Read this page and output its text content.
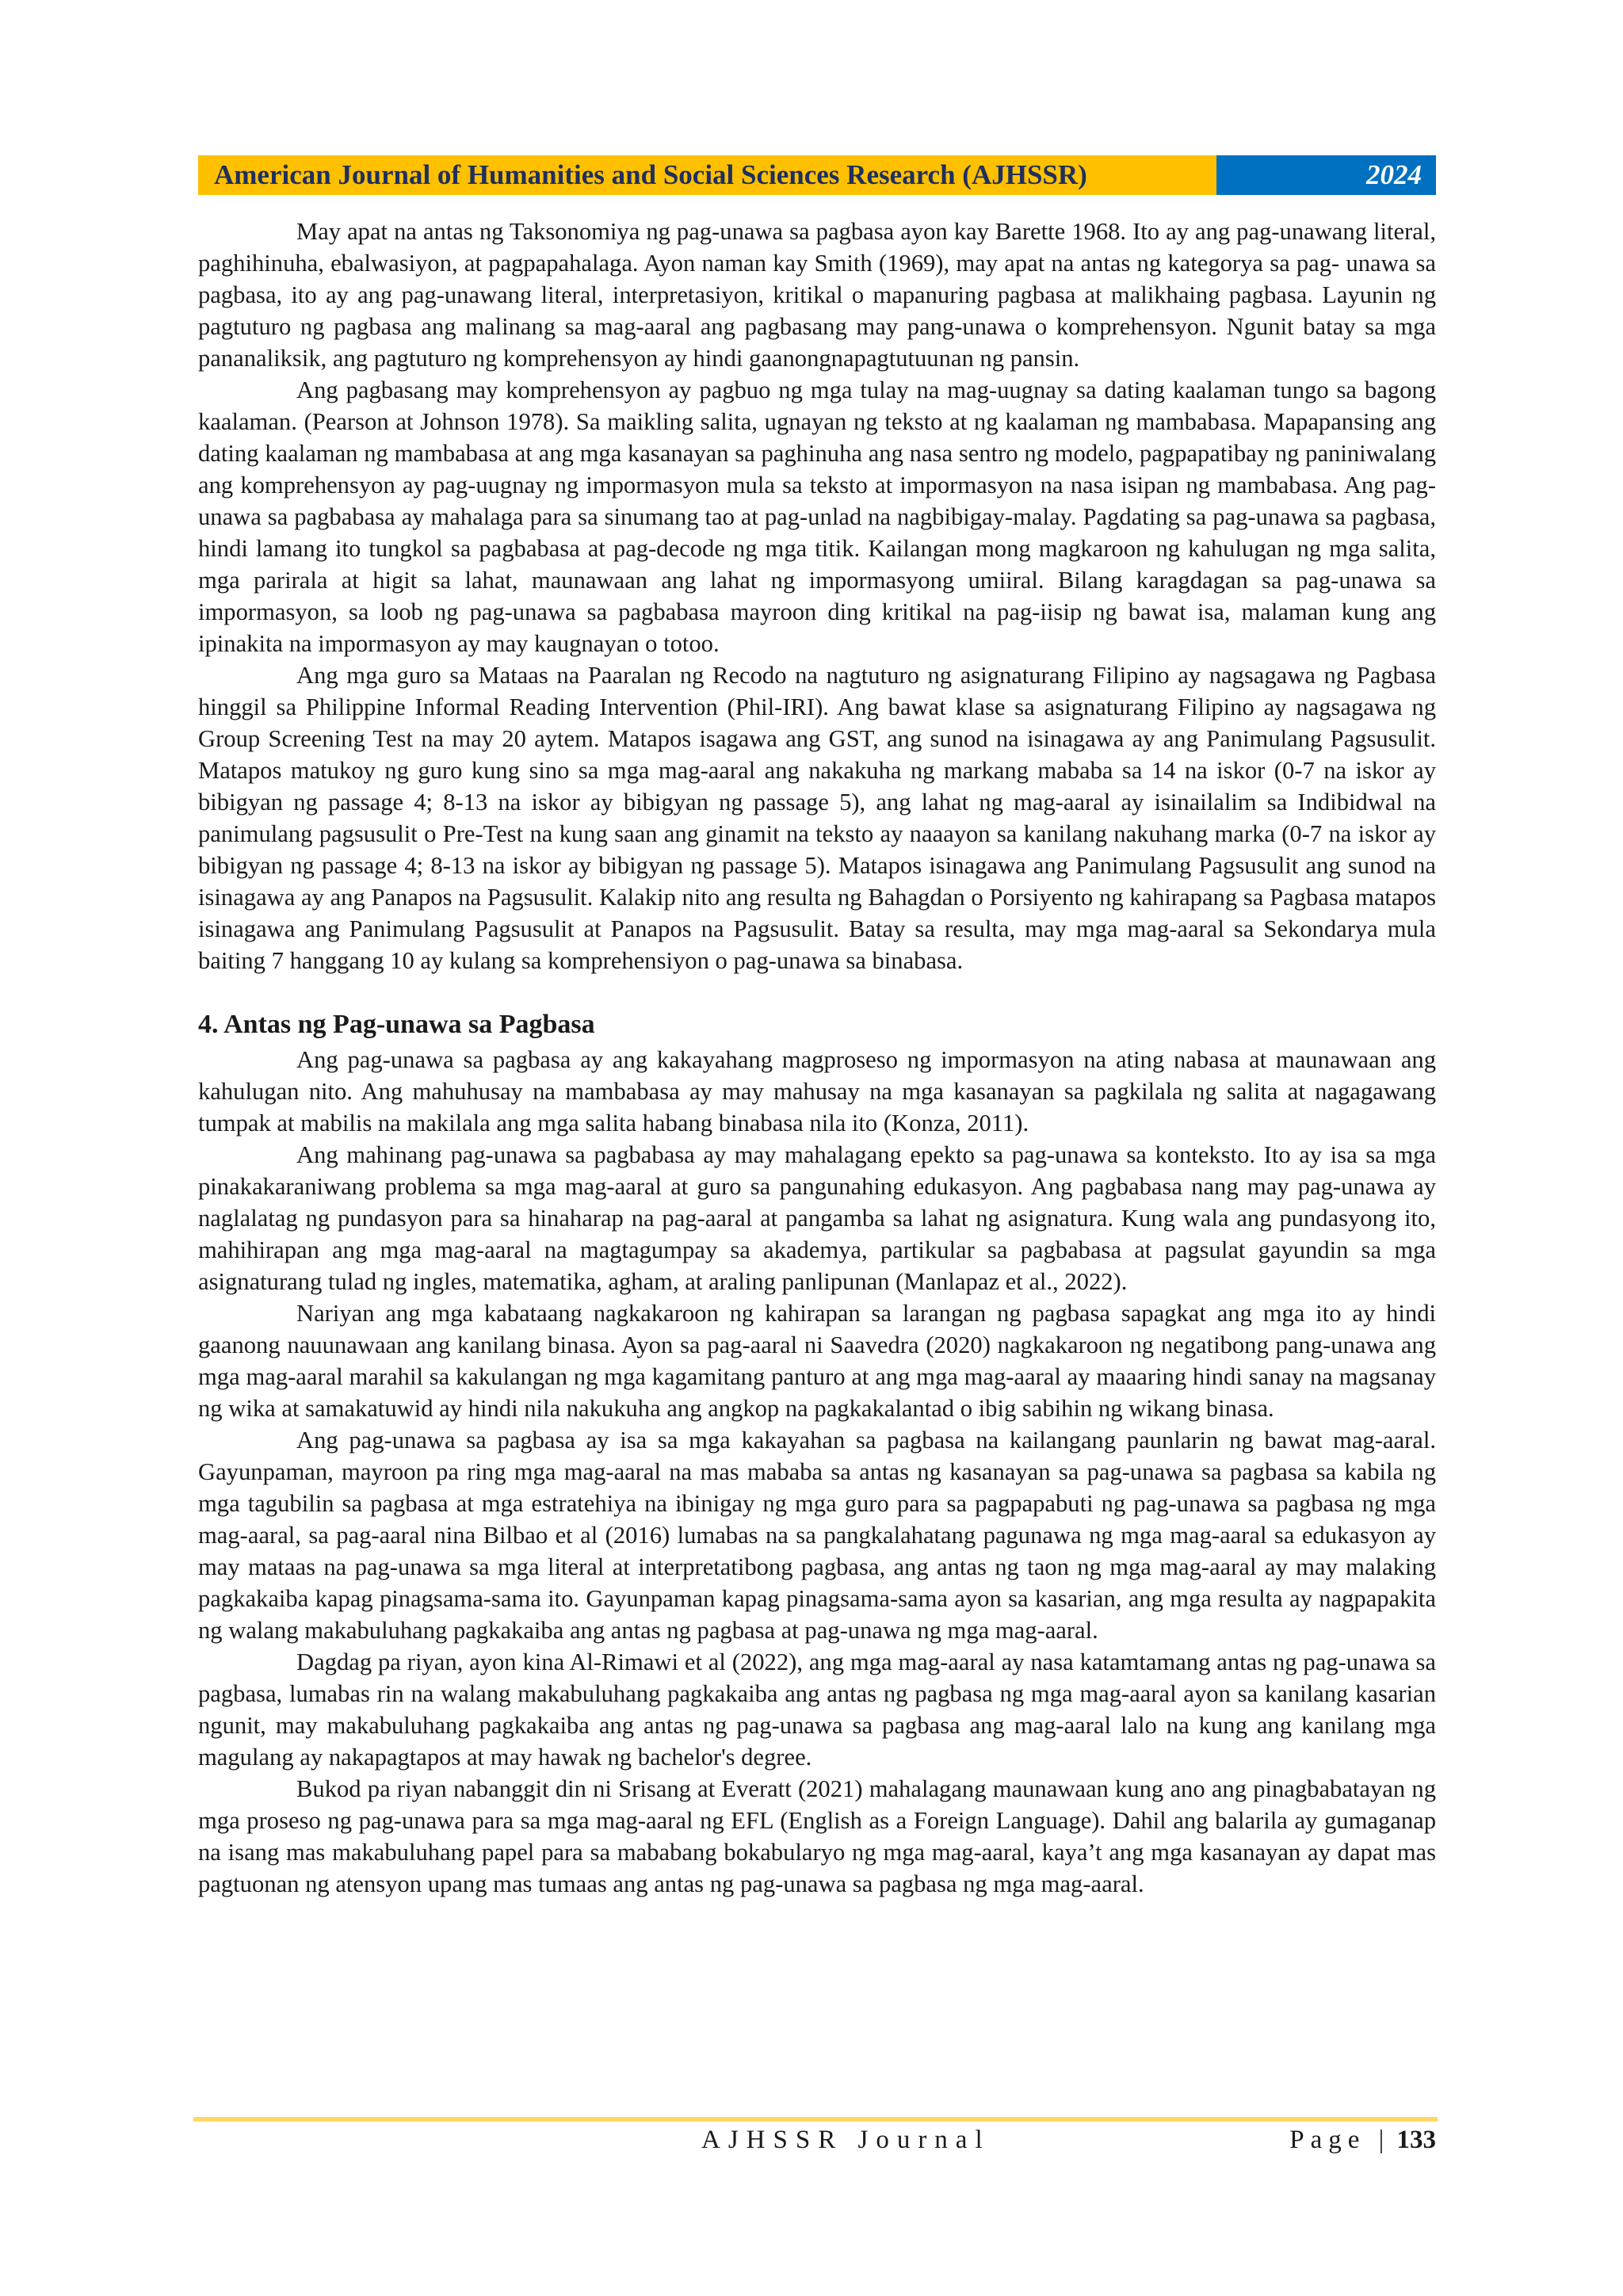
American Journal of Humanities and Social Sciences Research (AJHSSR)	2024

May apat na antas ng Taksonomiya ng pag-unawa sa pagbasa ayon kay Barette 1968. Ito ay ang pag-unawang literal, paghihinuha, ebalwasiyon, at pagpapahalaga. Ayon naman kay Smith (1969), may apat na antas ng kategorya sa pag- unawa sa pagbasa, ito ay ang pag-unawang literal, interpretasiyon, kritikal o mapanuring pagbasa at malikhaing pagbasa. Layunin ng pagtuturo ng pagbasa ang malinang sa mag-aaral ang pagbasang may pang-unawa o komprehensyon. Ngunit batay sa mga pananaliksik, ang pagtuturo ng komprehensyon ay hindi gaanongnapagtutuunan ng pansin.

Ang pagbasang may komprehensyon ay pagbuo ng mga tulay na mag-uugnay sa dating kaalaman tungo sa bagong kaalaman. (Pearson at Johnson 1978). Sa maikling salita, ugnayan ng teksto at ng kaalaman ng mambabasa. Mapapansing ang dating kaalaman ng mambabasa at ang mga kasanayan sa paghinuha ang nasa sentro ng modelo, pagpapatibay ng paniniwalang ang komprehensyon ay pag-uugnay ng impormasyon mula sa teksto at impormasyon na nasa isipan ng mambabasa. Ang pag-unawa sa pagbabasa ay mahalaga para sa sinumang tao at pag-unlad na nagbibigay-malay. Pagdating sa pag-unawa sa pagbasa, hindi lamang ito tungkol sa pagbabasa at pag-decode ng mga titik. Kailangan mong magkaroon ng kahulugan ng mga salita, mga parirala at higit sa lahat, maunawaan ang lahat ng impormasyong umiiral. Bilang karagdagan sa pag-unawa sa impormasyon, sa loob ng pag-unawa sa pagbabasa mayroon ding kritikal na pag-iisip ng bawat isa, malaman kung ang ipinakita na impormasyon ay may kaugnayan o totoo.

Ang mga guro sa Mataas na Paaralan ng Recodo na nagtuturo ng asignaturang Filipino ay nagsagawa ng Pagbasa hinggil sa Philippine Informal Reading Intervention (Phil-IRI). Ang bawat klase sa asignaturang Filipino ay nagsagawa ng Group Screening Test na may 20 aytem. Matapos isagawa ang GST, ang sunod na isinagawa ay ang Panimulang Pagsusulit. Matapos matukoy ng guro kung sino sa mga mag-aaral ang nakakuha ng markang mababa sa 14 na iskor (0-7 na iskor ay bibigyan ng passage 4; 8-13 na iskor ay bibigyan ng passage 5), ang lahat ng mag-aaral ay isinailalim sa Indibidwal na panimulang pagsusulit o Pre-Test na kung saan ang ginamit na teksto ay naaayon sa kanilang nakuhang marka (0-7 na iskor ay bibigyan ng passage 4; 8-13 na iskor ay bibigyan ng passage 5). Matapos isinagawa ang Panimulang Pagsusulit ang sunod na isinagawa ay ang Panapos na Pagsusulit. Kalakip nito ang resulta ng Bahagdan o Porsiyento ng kahirapang sa Pagbasa matapos isinagawa ang Panimulang Pagsusulit at Panapos na Pagsusulit. Batay sa resulta, may mga mag-aaral sa Sekondarya mula baiting 7 hanggang 10 ay kulang sa komprehensiyon o pag-unawa sa binabasa.

4. Antas ng Pag-unawa sa Pagbasa

Ang pag-unawa sa pagbasa ay ang kakayahang magproseso ng impormasyon na ating nabasa at maunawaan ang kahulugan nito. Ang mahuhusay na mambabasa ay may mahusay na mga kasanayan sa pagkilala ng salita at nagagawang tumpak at mabilis na makilala ang mga salita habang binabasa nila ito (Konza, 2011).

Ang mahinang pag-unawa sa pagbabasa ay may mahalagang epekto sa pag-unawa sa konteksto. Ito ay isa sa mga pinakakaraniwang problema sa mga mag-aaral at guro sa pangunahing edukasyon. Ang pagbabasa nang may pag-unawa ay naglalatag ng pundasyon para sa hinaharap na pag-aaral at pangamba sa lahat ng asignatura. Kung wala ang pundasyong ito, mahihirapan ang mga mag-aaral na magtagumpay sa akademya, partikular sa pagbabasa at pagsulat gayundin sa mga asignaturang tulad ng ingles, matematika, agham, at araling panlipunan (Manlapaz et al., 2022).

Nariyan ang mga kabataang nagkakaroon ng kahirapan sa larangan ng pagbasa sapagkat ang mga ito ay hindi gaanong nauunawaan ang kanilang binasa. Ayon sa pag-aaral ni Saavedra (2020) nagkakaroon ng negatibong pang-unawa ang mga mag-aaral marahil sa kakulangan ng mga kagamitang panturo at ang mga mag-aaral ay maaaring hindi sanay na magsanay ng wika at samakatuwid ay hindi nila nakukuha ang angkop na pagkakalantad o ibig sabihin ng wikang binasa.

Ang pag-unawa sa pagbasa ay isa sa mga kakayahan sa pagbasa na kailangang paunlarin ng bawat mag-aaral. Gayunpaman, mayroon pa ring mga mag-aaral na mas mababa sa antas ng kasanayan sa pag-unawa sa pagbasa sa kabila ng mga tagubilin sa pagbasa at mga estratehiya na ibinigay ng mga guro para sa pagpapabuti ng pag-unawa sa pagbasa ng mga mag-aaral, sa pag-aaral nina Bilbao et al (2016) lumabas na sa pangkalahatang pagunawa ng mga mag-aaral sa edukasyon ay may mataas na pag-unawa sa mga literal at interpretatibong pagbasa, ang antas ng taon ng mga mag-aaral ay may malaking pagkakaiba kapag pinagsama-sama ito. Gayunpaman kapag pinagsama-sama ayon sa kasarian, ang mga resulta ay nagpapakita ng walang makabuluhang pagkakaiba ang antas ng pagbasa at pag-unawa ng mga mag-aaral.

Dagdag pa riyan, ayon kina Al-Rimawi et al (2022), ang mga mag-aaral ay nasa katamtamang antas ng pag-unawa sa pagbasa, lumabas rin na walang makabuluhang pagkakaiba ang antas ng pagbasa ng mga mag-aaral ayon sa kanilang kasarian ngunit, may makabuluhang pagkakaiba ang antas ng pag-unawa sa pagbasa ang mag-aaral lalo na kung ang kanilang mga magulang ay nakapagtapos at may hawak ng bachelor's degree.

Bukod pa riyan nabanggit din ni Srisang at Everatt (2021) mahalagang maunawaan kung ano ang pinagbabatayan ng mga proseso ng pag-unawa para sa mga mag-aaral ng EFL (English as a Foreign Language). Dahil ang balarila ay gumaganap na isang mas makabuluhang papel para sa mababang bokabularyo ng mga mag-aaral, kaya’t ang mga kasanayan ay dapat mas pagtuonan ng atensyon upang mas tumaas ang antas ng pag-unawa sa pagbasa ng mga mag-aaral.

AJHSSR Journal	Page | 133
